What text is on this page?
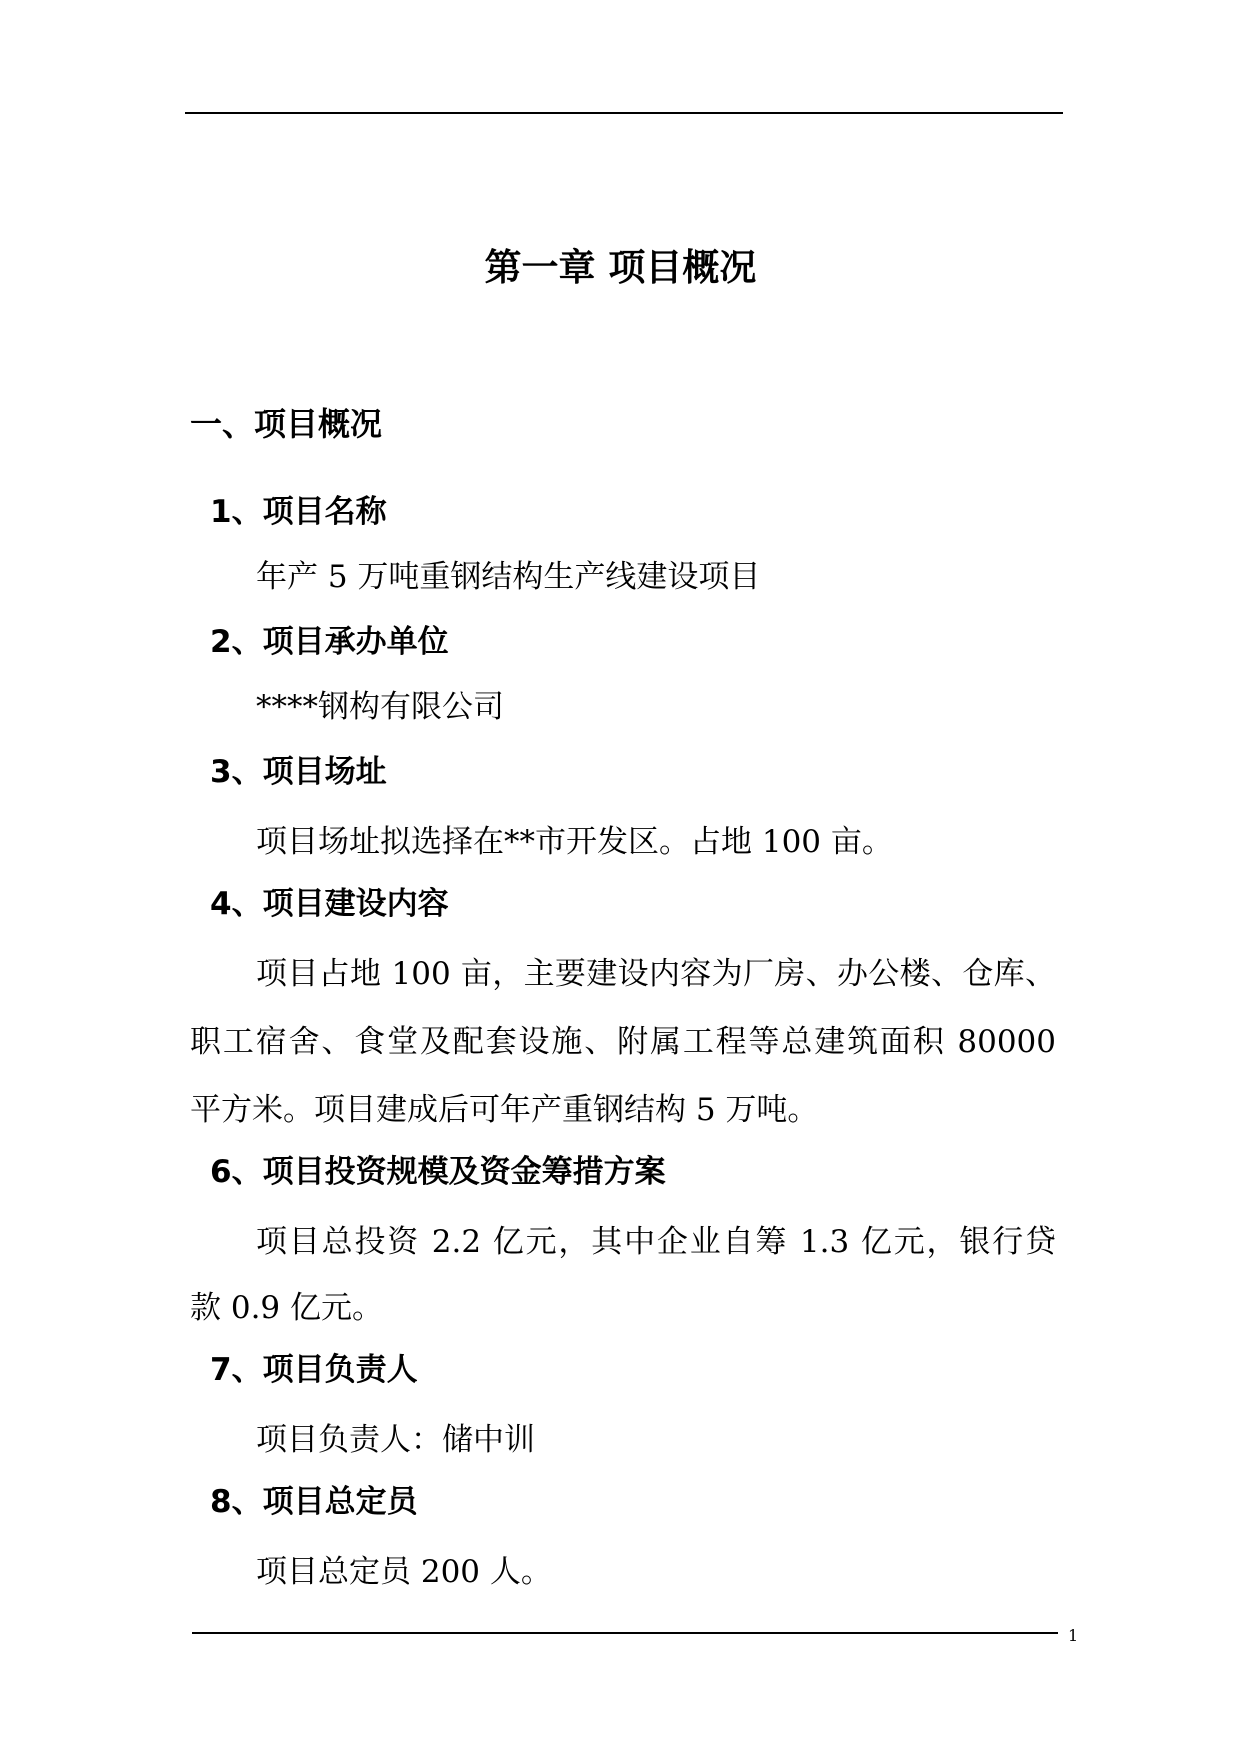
第一章 项目概况
一、项目概况
1、项目名称
年产 5 万吨重钢结构生产线建设项目
2、项目承办单位
****钢构有限公司
3、项目场址
项目场址拟选择在**市开发区。占地 100 亩。
4、项目建设内容
项目占地 100 亩，主要建设内容为厂房、办公楼、仓库、
职工宿舍、食堂及配套设施、附属工程等总建筑面积 80000
平方米。项目建成后可年产重钢结构 5 万吨。
6、项目投资规模及资金筹措方案
项目总投资 2.2 亿元，其中企业自筹 1.3 亿元，银行贷
款 0.9 亿元。
7、项目负责人
项目负责人：储中训
8、项目总定员
项目总定员 200 人。
1
